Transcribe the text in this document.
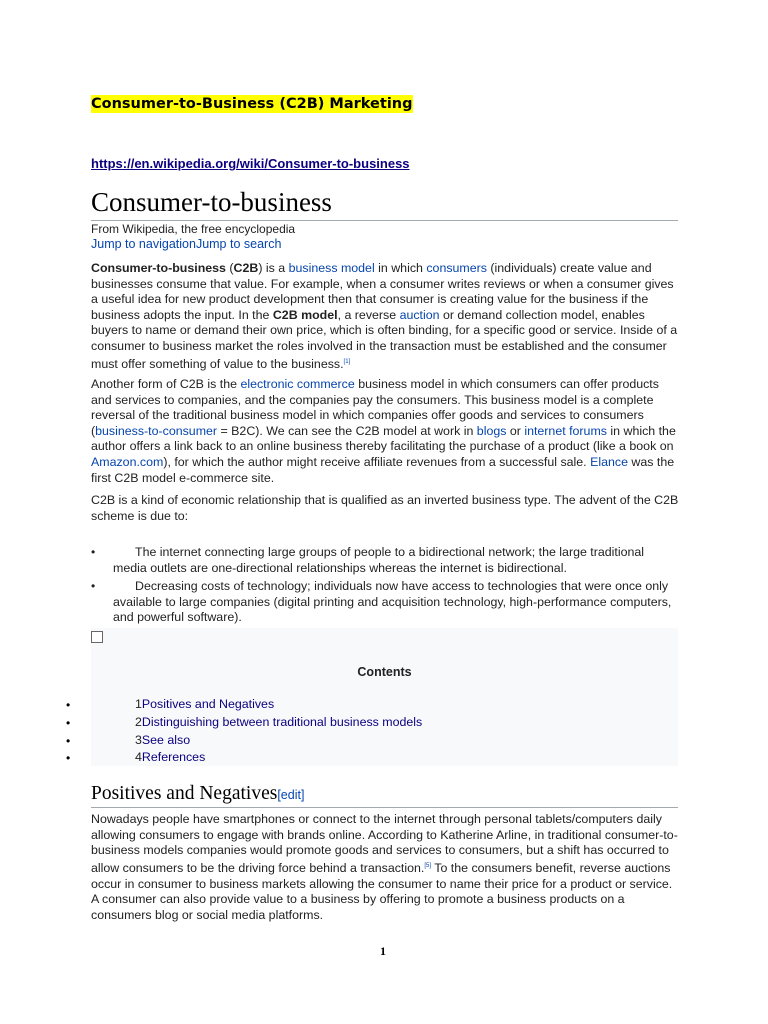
Consumer-to-Business (C2B) Marketing
https://en.wikipedia.org/wiki/Consumer-to-business
Consumer-to-business
From Wikipedia, the free encyclopedia
Jump to navigationJump to search
Consumer-to-business (C2B) is a business model in which consumers (individuals) create value and businesses consume that value. For example, when a consumer writes reviews or when a consumer gives a useful idea for new product development then that consumer is creating value for the business if the business adopts the input. In the C2B model, a reverse auction or demand collection model, enables buyers to name or demand their own price, which is often binding, for a specific good or service. Inside of a consumer to business market the roles involved in the transaction must be established and the consumer must offer something of value to the business.[1]
Another form of C2B is the electronic commerce business model in which consumers can offer products and services to companies, and the companies pay the consumers. This business model is a complete reversal of the traditional business model in which companies offer goods and services to consumers (business-to-consumer = B2C). We can see the C2B model at work in blogs or internet forums in which the author offers a link back to an online business thereby facilitating the purchase of a product (like a book on Amazon.com), for which the author might receive affiliate revenues from a successful sale. Elance was the first C2B model e-commerce site.
C2B is a kind of economic relationship that is qualified as an inverted business type. The advent of the C2B scheme is due to:
•	The internet connecting large groups of people to a bidirectional network; the large traditional media outlets are one-directional relationships whereas the internet is bidirectional.
•	Decreasing costs of technology; individuals now have access to technologies that were once only available to large companies (digital printing and acquisition technology, high-performance computers, and powerful software).
Contents
•	1Positives and Negatives
•	2Distinguishing between traditional business models
•	3See also
•	4References
Positives and Negatives[edit]
Nowadays people have smartphones or connect to the internet through personal tablets/computers daily allowing consumers to engage with brands online. According to Katherine Arline, in traditional consumer-to-business models companies would promote goods and services to consumers, but a shift has occurred to allow consumers to be the driving force behind a transaction.[5] To the consumers benefit, reverse auctions occur in consumer to business markets allowing the consumer to name their price for a product or service. A consumer can also provide value to a business by offering to promote a business products on a consumers blog or social media platforms.
1
